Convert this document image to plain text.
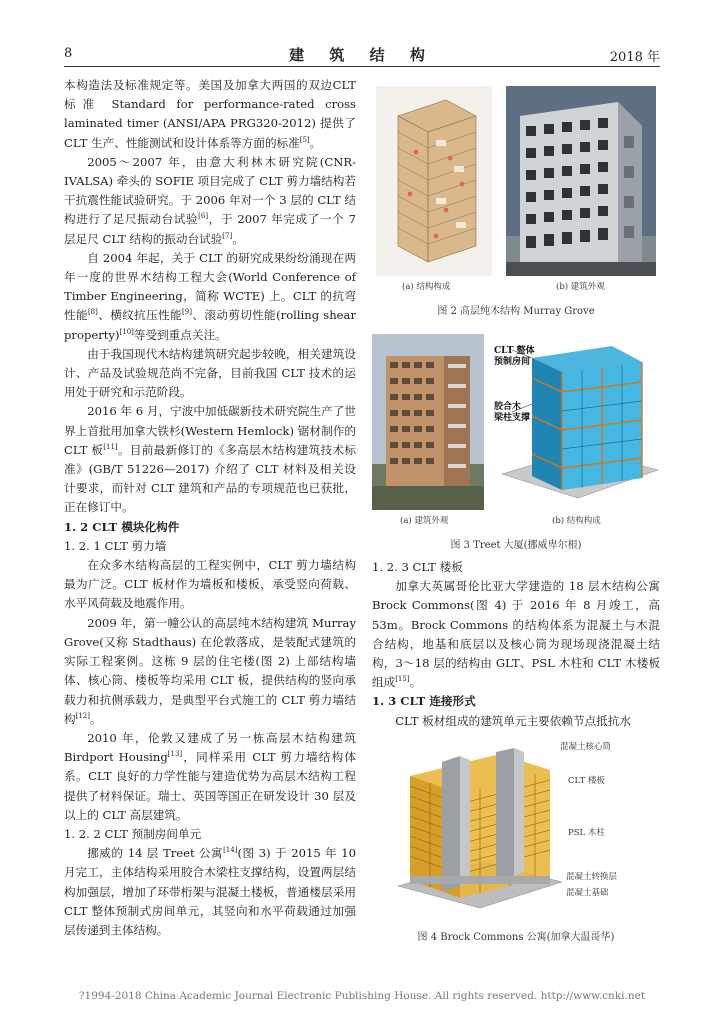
8	建 筑 结 构	2018 年

本构造法及标准规定等。美国及加拿大两国的双边CLT 标准 Standard for performance-rated cross laminated timer (ANSI/APA PRG320-2012) 提供了CLT 生产、性能测试和设计体系等方面的标准[5]。

2005～2007 年，由意大利林木研究院(CNR-IVALSA) 牵头的 SOFIE 项目完成了 CLT 剪力墙结构若干抗震性能试验研究。于 2006 年对一个 3 层的 CLT 结构进行了足尺振动台试验[6]，于 2007 年完成了一个 7 层足尺 CLT 结构的振动台试验[7]。

自 2004 年起，关于 CLT 的研究成果纷纷涌现在两年一度的世界木结构工程大会(World Conference of Timber Engineering，简称 WCTE) 上。CLT 的抗弯性能[8]、横纹抗压性能[9]、滚动剪切性能(rolling shear property)[10]等受到重点关注。

由于我国现代木结构建筑研究起步较晚，相关建筑设计、产品及试验规范尚不完备，目前我国 CLT 技术的运用处于研究和示范阶段。

2016 年 6 月，宁波中加低碳新技术研究院生产了世界上首批用加拿大铁杉(Western Hemlock) 锯材制作的 CLT 板[11]。目前最新修订的《多高层木结构建筑技术标准》(GB/T 51226—2017) 介绍了 CLT 材料及相关设计要求，而针对 CLT 建筑和产品的专项规范也已获批，正在修订中。

1. 2 CLT 模块化构件
1. 2. 1 CLT 剪力墙

在众多木结构高层的工程实例中，CLT 剪力墙结构最为广泛。CLT 板材作为墙板和楼板，承受竖向荷载、水平风荷载及地震作用。

2009 年，第一幢公认的高层纯木结构建筑 Murray Grove(又称 Stadthaus) 在伦敦落成，是装配式建筑的实际工程案例。这栋 9 层的住宅楼(图 2) 上部结构墙体、核心筒、楼板等均采用 CLT 板，提供结构的竖向承载力和抗侧承载力，是典型平台式施工的 CLT 剪力墙结构[12]。

2010 年，伦敦又建成了另一栋高层木结构建筑 Birdport Housing[13]，同样采用 CLT 剪力墙结构体系。CLT 良好的力学性能与建造优势为高层木结构工程提供了材料保证。瑞士、英国等国正在研发设计 30 层及以上的 CLT 高层建筑。

1. 2. 2 CLT 预制房间单元

挪威的 14 层 Treet 公寓[14](图 3) 于 2015 年 10 月完工，主体结构采用胶合木梁柱支撑结构，设置两层结构加强层，增加了环带桁架与混凝土楼板，普通楼层采用 CLT 整体预制式房间单元，其竖向和水平荷载通过加强层传递到主体结构。

(a) 结构构成	(b) 建筑外观
图 2 高层纯木结构 Murray Grove
(a) 建筑外观
CLT 整体
预制房间
胶合木
梁柱支撑
(b) 结构构成
图 3 Treet 大厦(挪威卑尔根)
1. 2. 3 CLT 楼板

加拿大英属哥伦比亚大学建造的 18 层木结构公寓 Brock Commons(图 4) 于 2016 年 8 月竣工，高 53m。Brock Commons 的结构体系为混凝土与木混合结构，地基和底层以及核心筒为现场现浇混凝土结构，3～18 层的结构由 GLT、PSL 木柱和 CLT 木楼板组成[15]。

1. 3 CLT 连接形式

CLT 板材组成的建筑单元主要依赖节点抵抗水

混凝土核心筒
CLT 楼板
PSL 木柱
混凝土转换层
混凝土基础
图 4 Brock Commons 公寓(加拿大温哥华)
?1994-2018 China Academic Journal Electronic Publishing House. All rights reserved. http://www.cnki.net
